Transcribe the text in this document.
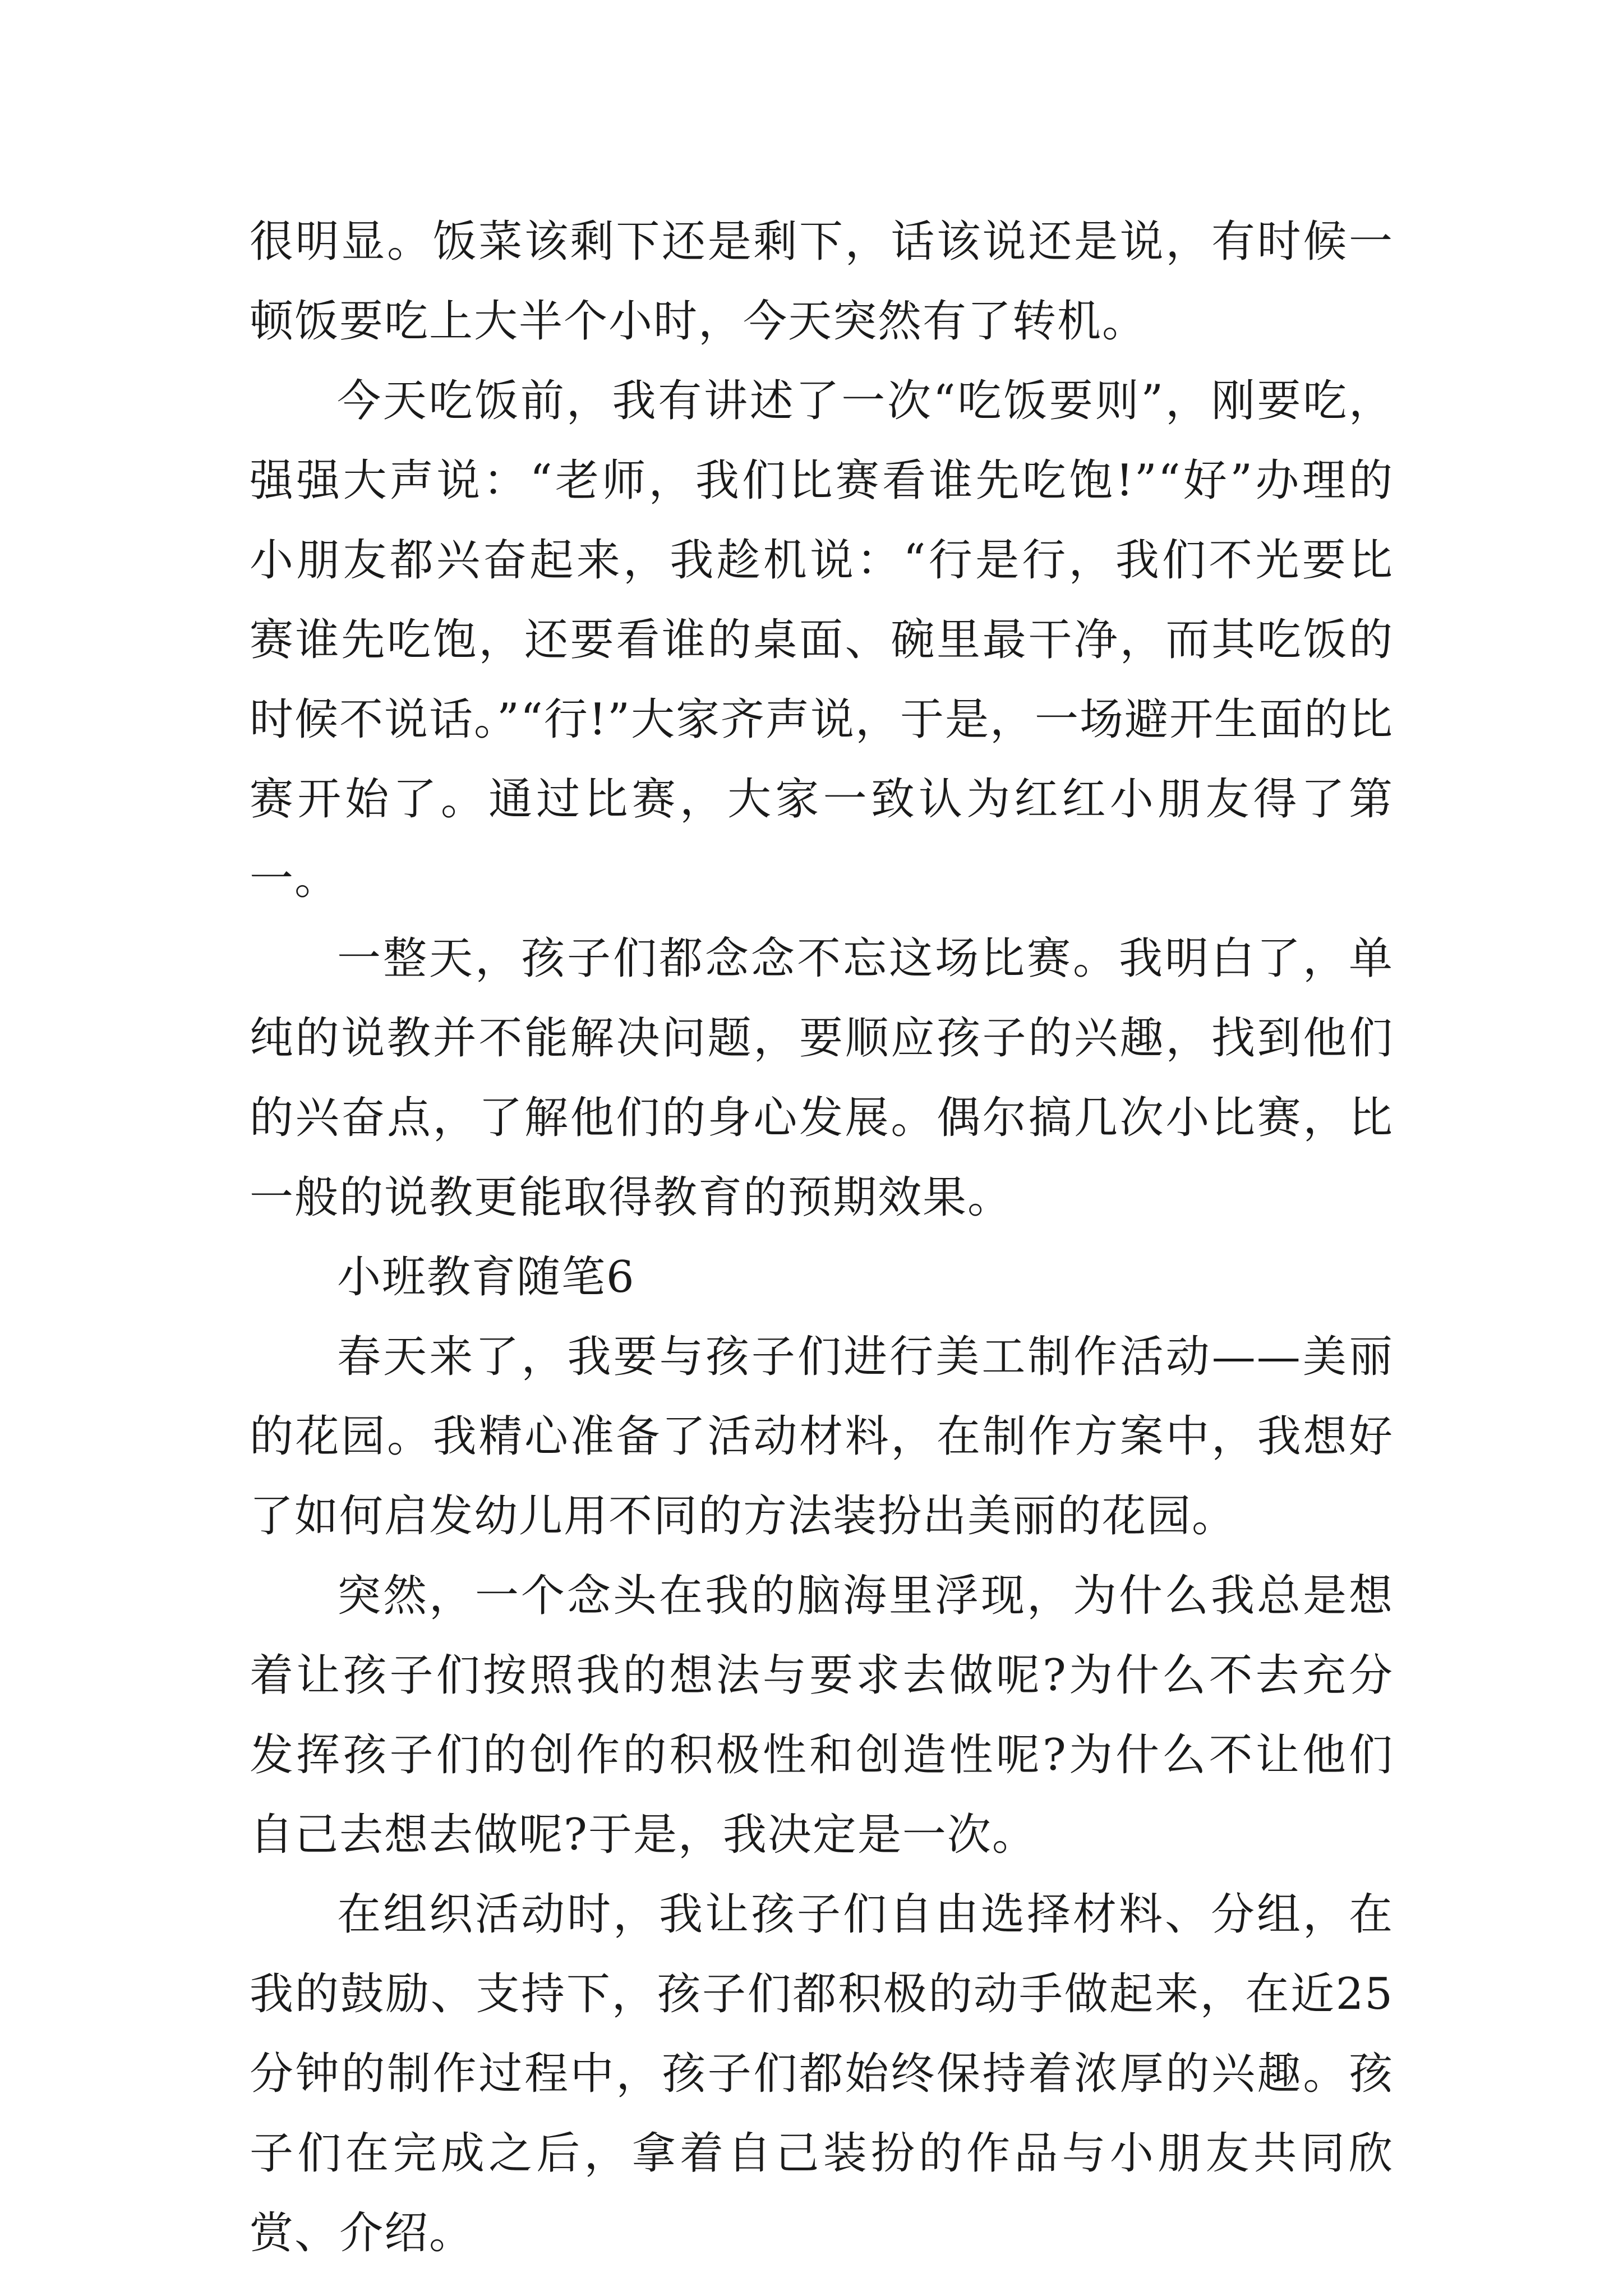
很明显。饭菜该剩下还是剩下，话该说还是说，有时候一顿饭要吃上大半个小时，今天突然有了转机。

今天吃饭前，我有讲述了一次“吃饭要则”，刚要吃，强强大声说：“老师，我们比赛看谁先吃饱!”“好”办理的小朋友都兴奋起来，我趁机说：“行是行，我们不光要比赛谁先吃饱，还要看谁的桌面、碗里最干净，而其吃饭的时候不说话。”“行!”大家齐声说，于是，一场避开生面的比赛开始了。通过比赛，大家一致认为红红小朋友得了第一。

一整天，孩子们都念念不忘这场比赛。我明白了，单纯的说教并不能解决问题，要顺应孩子的兴趣，找到他们的兴奋点，了解他们的身心发展。偶尔搞几次小比赛，比一般的说教更能取得教育的预期效果。

小班教育随笔6

春天来了，我要与孩子们进行美工制作活动——美丽的花园。我精心准备了活动材料，在制作方案中，我想好了如何启发幼儿用不同的方法装扮出美丽的花园。

突然，一个念头在我的脑海里浮现，为什么我总是想着让孩子们按照我的想法与要求去做呢?为什么不去充分发挥孩子们的创作的积极性和创造性呢?为什么不让他们自己去想去做呢?于是，我决定是一次。

在组织活动时，我让孩子们自由选择材料、分组，在我的鼓励、支持下，孩子们都积极的动手做起来，在近25分钟的制作过程中，孩子们都始终保持着浓厚的兴趣。孩子们在完成之后，拿着自己装扮的作品与小朋友共同欣赏、介绍。
